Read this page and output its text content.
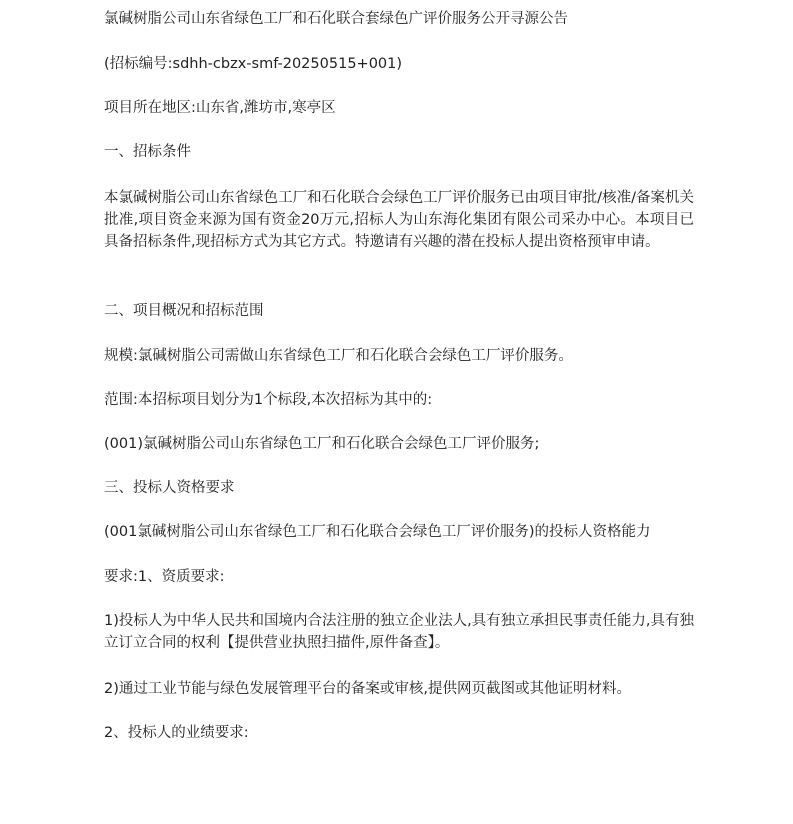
氯碱树脂公司山东省绿色工厂和石化联合套绿色广评价服务公开寻源公告
(招标编号:sdhh-cbzx-smf-20250515+001)
项目所在地区:山东省,潍坊市,寒亭区
一、招标条件
本氯碱树脂公司山东省绿色工厂和石化联合会绿色工厂评价服务已由项目审批/核准/备案机关批准,项目资金来源为国有资金20万元,招标人为山东海化集团有限公司采办中心。本项目已具备招标条件,现招标方式为其它方式。特邀请有兴趣的潜在投标人提出资格预审申请。
二、项目概况和招标范围
规模:氯碱树脂公司需做山东省绿色工厂和石化联合会绿色工厂评价服务。
范围:本招标项目划分为1个标段,本次招标为其中的:
(001)氯碱树脂公司山东省绿色工厂和石化联合会绿色工厂评价服务;
三、投标人资格要求
(001氯碱树脂公司山东省绿色工厂和石化联合会绿色工厂评价服务)的投标人资格能力
要求:1、资质要求:
1)投标人为中华人民共和国境内合法注册的独立企业法人,具有独立承担民事责任能力,具有独立订立合同的权利【提供营业执照扫描件,原件备查】。
2)通过工业节能与绿色发展管理平台的备案或审核,提供网页截图或其他证明材料。
2、投标人的业绩要求:
